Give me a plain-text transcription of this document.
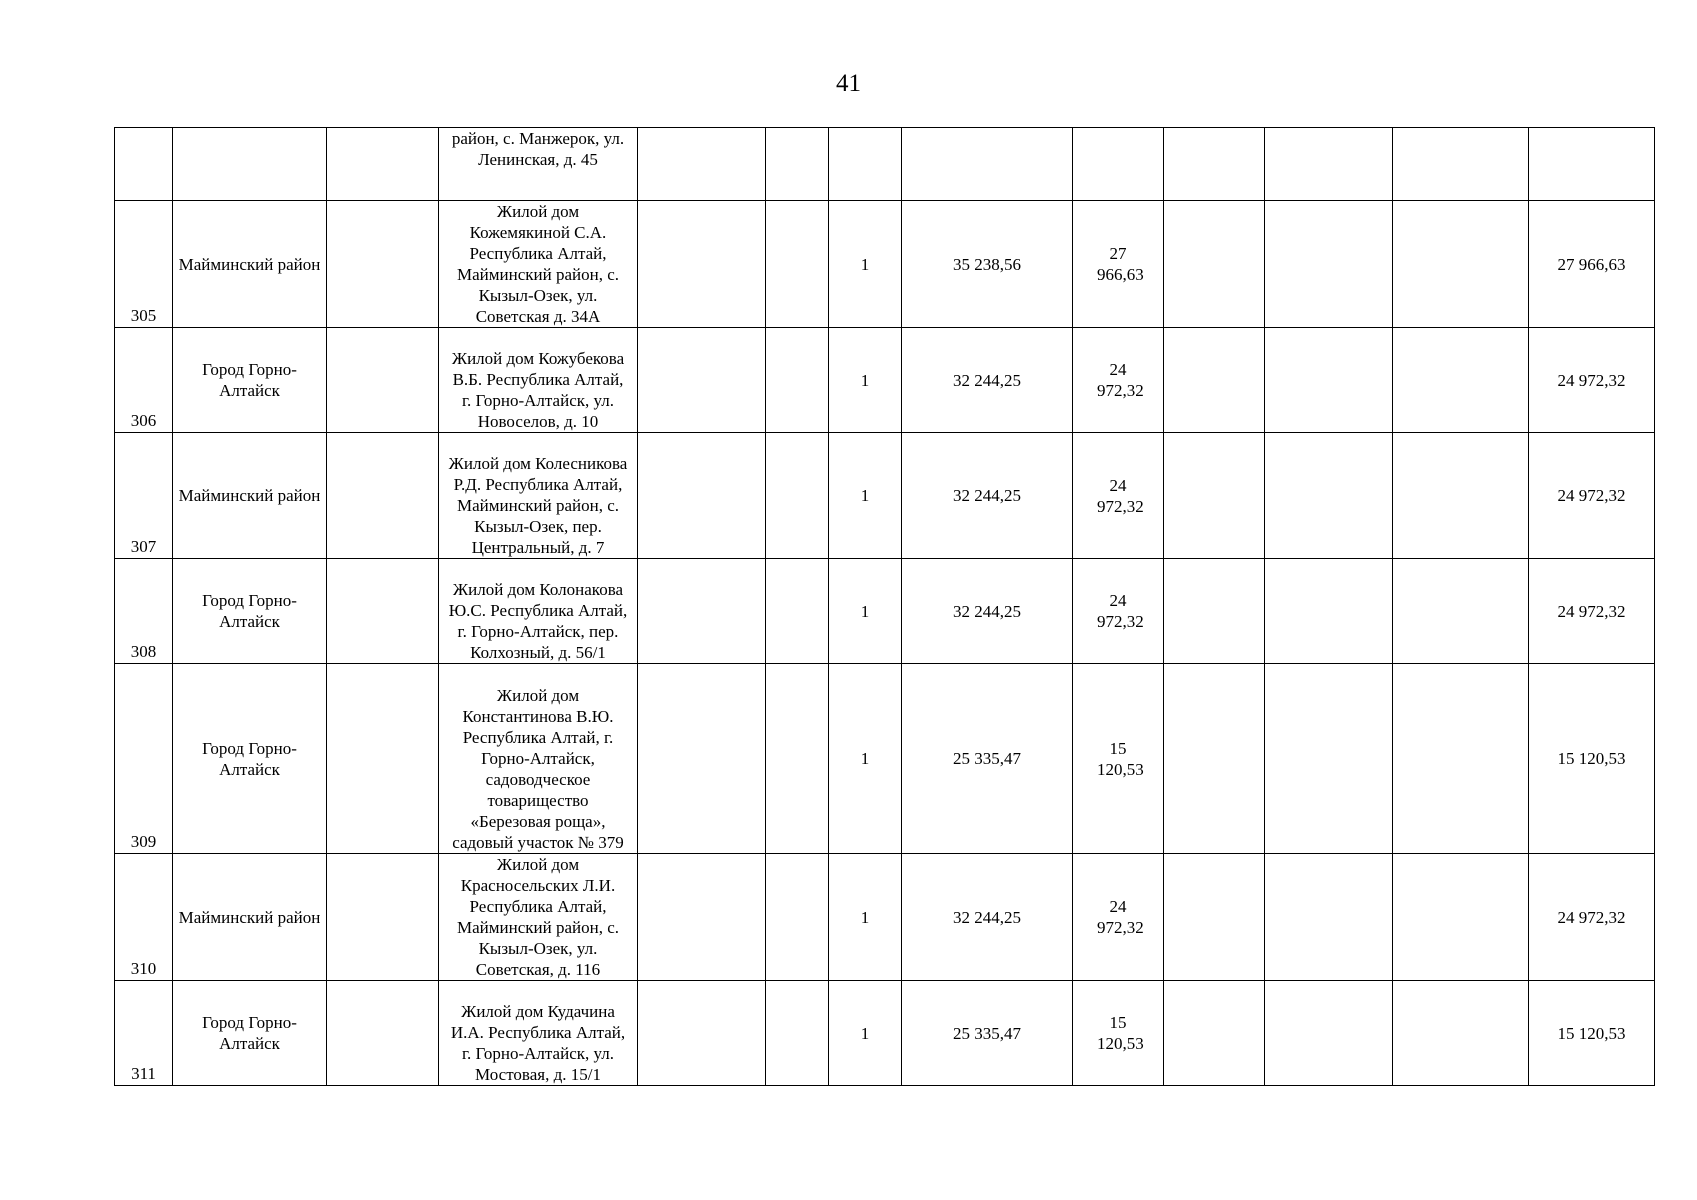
41
			район, с. Манжерок, ул. Ленинская, д. 45									
305	Майминский район		Жилой дом Кожемякиной С.А. Республика Алтай, Майминский район, с. Кызыл-Озек, ул. Советская д. 34А			1	35 238,56	27 966,63				27 966,63
306	Город Горно-Алтайск		Жилой дом Кожубекова В.Б. Республика Алтай, г. Горно-Алтайск, ул. Новоселов, д. 10			1	32 244,25	24 972,32				24 972,32
307	Майминский район		Жилой дом Колесникова Р.Д. Республика Алтай, Майминский район, с. Кызыл-Озек, пер. Центральный, д. 7			1	32 244,25	24 972,32				24 972,32
308	Город Горно-Алтайск		Жилой дом Колонакова Ю.С. Республика Алтай, г. Горно-Алтайск, пер. Колхозный, д. 56/1			1	32 244,25	24 972,32				24 972,32
309	Город Горно-Алтайск		Жилой дом Константинова В.Ю. Республика Алтай, г. Горно-Алтайск, садоводческое товарищество «Березовая роща», садовый участок № 379			1	25 335,47	15 120,53				15 120,53
310	Майминский район		Жилой дом Красносельских Л.И. Республика Алтай, Майминский район, с. Кызыл-Озек, ул. Советская, д. 116			1	32 244,25	24 972,32				24 972,32
311	Город Горно-Алтайск		Жилой дом Кудачина И.А. Республика Алтай, г. Горно-Алтайск, ул. Мостовая, д. 15/1			1	25 335,47	15 120,53				15 120,53
